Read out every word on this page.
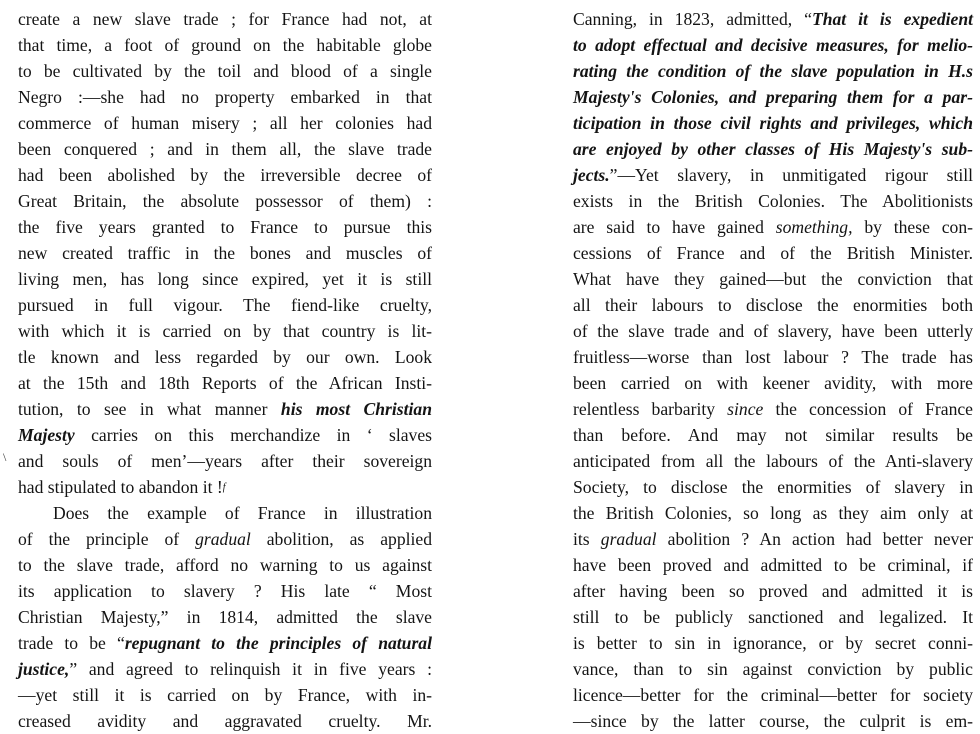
create a new slave trade ; for France had not, at
that time, a foot of ground on the habitable globe
to be cultivated by the toil and blood of a single
Negro :—she had no property embarked in that
commerce of human misery ; all her colonies had
been conquered ; and in them all, the slave trade
had been abolished by the irreversible decree of
Great Britain, the absolute possessor of them) :
the five years granted to France to pursue this
new created traffic in the bones and muscles of
living men, has long since expired, yet it is still
pursued in full vigour. The fiend-like cruelty,
with which it is carried on by that country is lit-
tle known and less regarded by our own. Look
at the 15th and 18th Reports of the African Insti-
tution, to see in what manner his most Christian
Majesty carries on this merchandize in ‘ slaves
and souls of men’—years after their sovereign
had stipulated to abandon it !f
Does the example of France in illustration
of the principle of gradual abolition, as applied
to the slave trade, afford no warning to us against
its application to slavery ? His late “ Most
Christian Majesty,” in 1814, admitted the slave
trade to be “repugnant to the principles of natural
justice,” and agreed to relinquish it in five years :
—yet still it is carried on by France, with in-
creased avidity and aggravated cruelty. Mr.
\
Canning, in 1823, admitted, “That it is expedient
to adopt effectual and decisive measures, for melio-
rating the condition of the slave population in H.s
Majesty's Colonies, and preparing them for a par-
ticipation in those civil rights and privileges, which
are enjoyed by other classes of His Majesty's sub-
jects.”—Yet slavery, in unmitigated rigour still
exists in the British Colonies. The Abolitionists
are said to have gained something, by these con-
cessions of France and of the British Minister.
What have they gained—but the conviction that
all their labours to disclose the enormities both
of the slave trade and of slavery, have been utterly
fruitless—worse than lost labour ? The trade has
been carried on with keener avidity, with more
relentless barbarity since the concession of France
than before. And may not similar results be
anticipated from all the labours of the Anti-slavery
Society, to disclose the enormities of slavery in
the British Colonies, so long as they aim only at
its gradual abolition ? An action had better never
have been proved and admitted to be criminal, if
after having been so proved and admitted it is
still to be publicly sanctioned and legalized. It
is better to sin in ignorance, or by secret conni-
vance, than to sin against conviction by public
licence—better for the criminal—better for society
—since by the latter course, the culprit is em-
